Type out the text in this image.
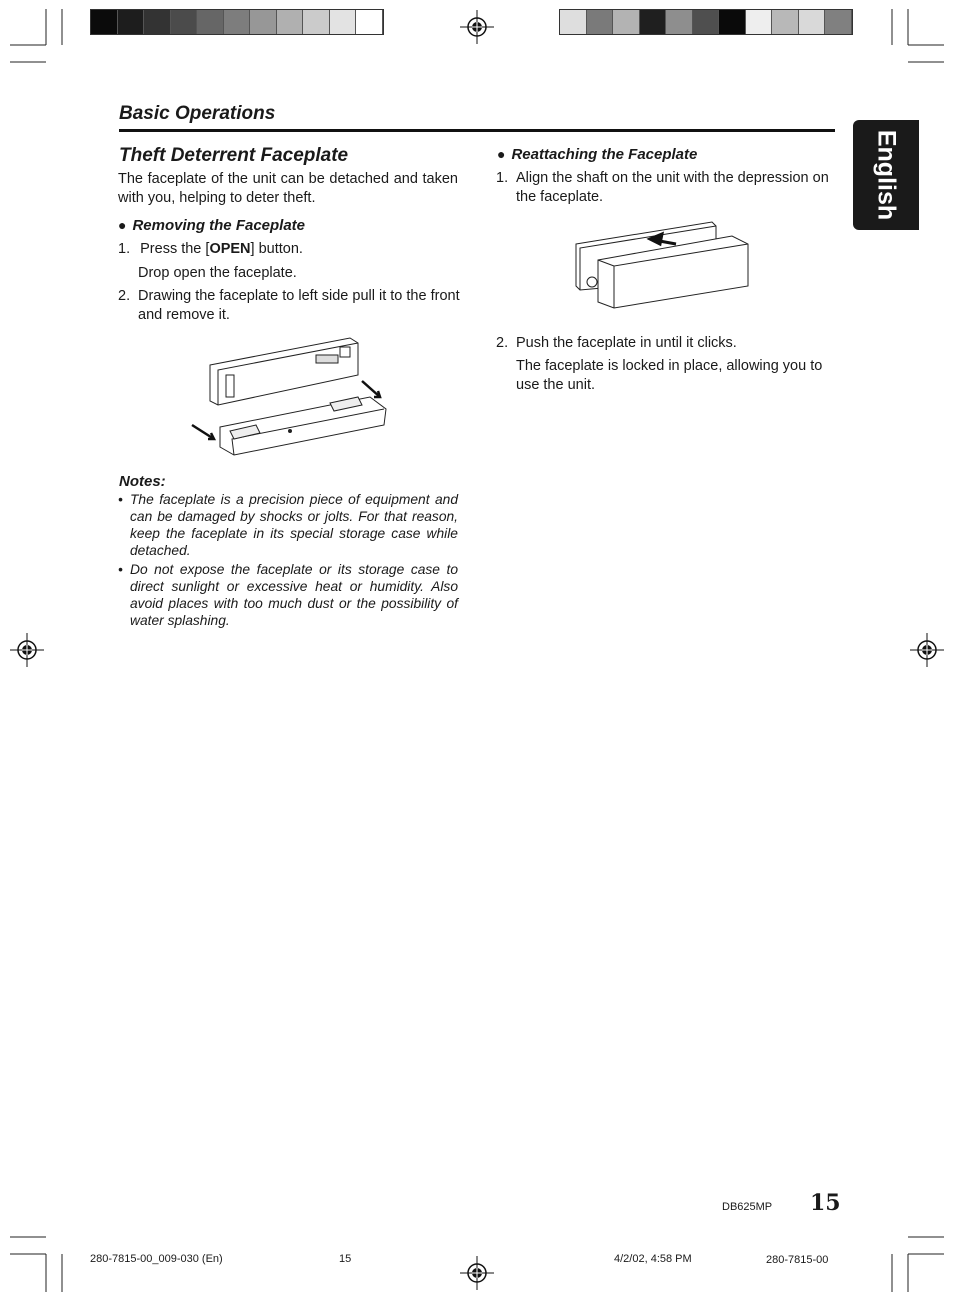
Basic Operations
English
Theft Deterrent Faceplate
The faceplate of the unit can be detached and taken with you, helping to deter theft.
● Removing the Faceplate
1. Press the [OPEN] button.
Drop open the faceplate.
2. Drawing the faceplate to left side pull it to the front and remove it.
Notes:
• The faceplate is a precision piece of equipment and can be damaged by shocks or jolts. For that reason, keep the faceplate in its special storage case while detached.
• Do not expose the faceplate or its storage case to direct sunlight or excessive heat or humidity. Also avoid places with too much dust or the possibility of water splashing.
● Reattaching the Faceplate
1. Align the shaft on the unit with the depression on the faceplate.
2. Push the faceplate in until it clicks.
The faceplate is locked in place, allowing you to use the unit.
DB625MP 15
280-7815-00_009-030 (En)	15	4/2/02, 4:58 PM	280-7815-00
